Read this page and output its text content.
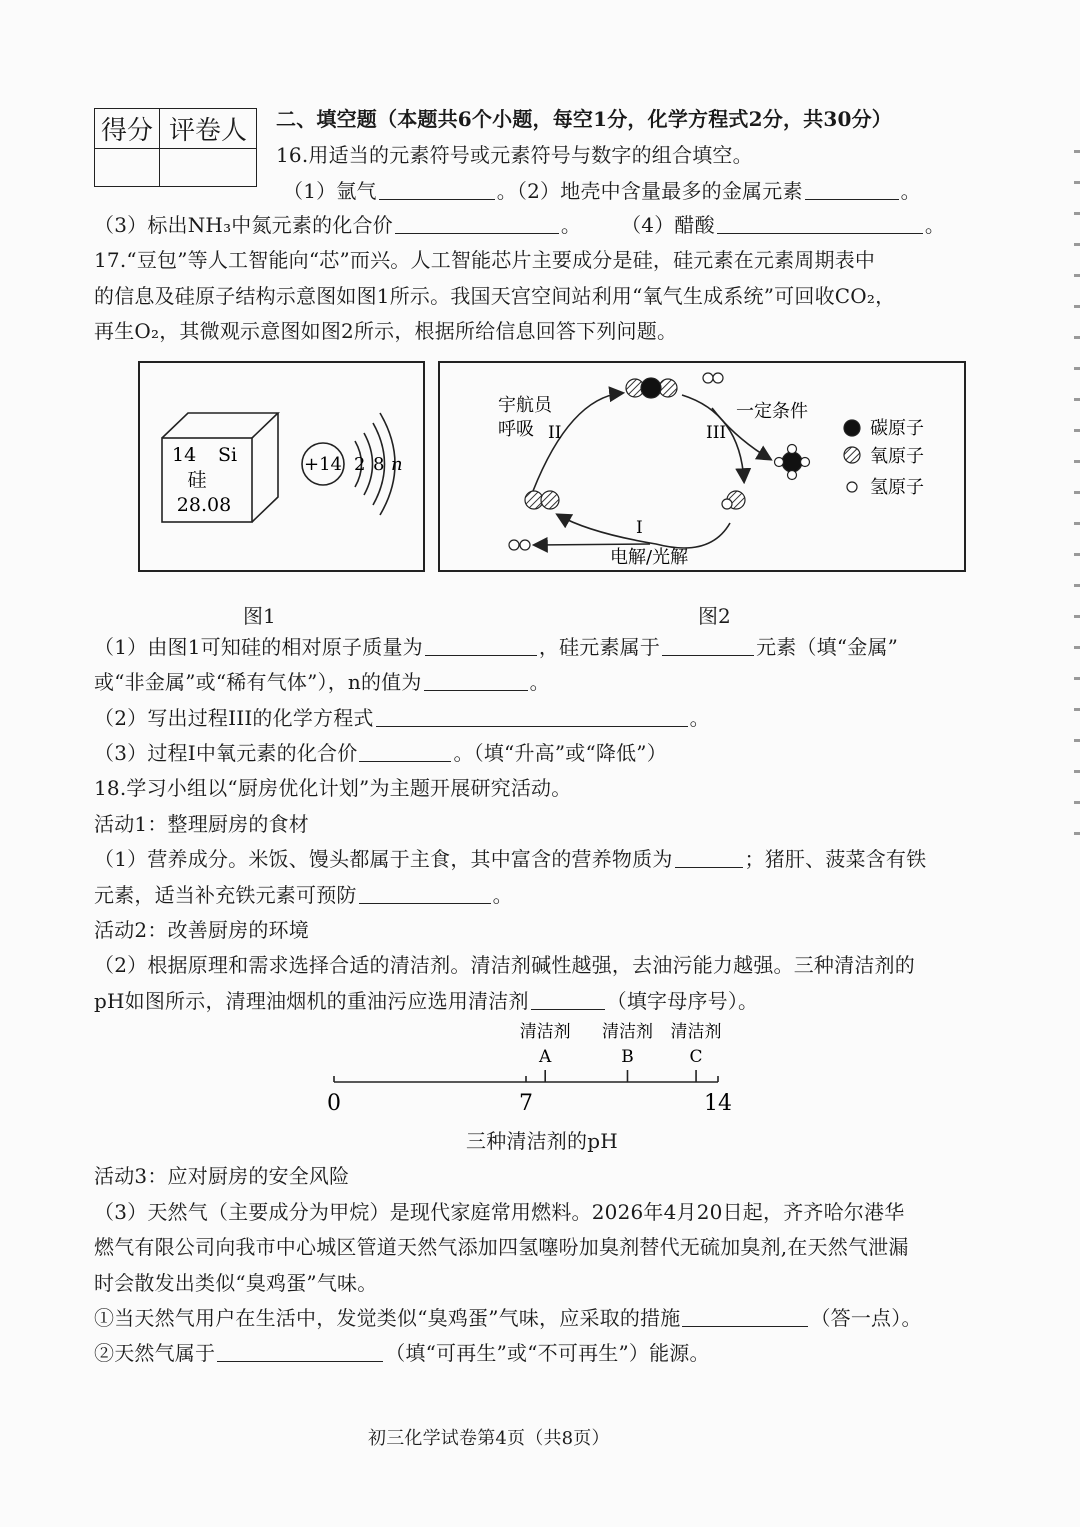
得分	评卷人
	二、填空题（本题共6个小题，每空1分，化学方程式2分，共30分）
16.用适当的元素符号或元素符号与数字的组合填空。
（1）氩气	。（2）地壳中含量最多的金属元素	。
（3）标出NH₃中氮元素的化合价	。 （4）醋酸	。
17.“豆包”等人工智能向“芯”而兴。人工智能芯片主要成分是硅，硅元素在元素周期表中
的信息及硅原子结构示意图如图1所示。我国天宫空间站利用“氧气生成系统”可回收CO₂，
再生O₂，其微观示意图如图2所示，根据所给信息回答下列问题。
14 Si
硅
28.08
+14 2 8 n
图1
宇航员
呼吸 II	III
I
一定条件
电解/光解
碳原子
氧原子
氢原子
图2
（1）由图1可知硅的相对原子质量为	，硅元素属于	元素（填“金属”
或“非金属”或“稀有气体”），n的值为	。
（2）写出过程III的化学方程式	。
（3）过程I中氧元素的化合价	。（填“升高”或“降低”）
18.学习小组以“厨房优化计划”为主题开展研究活动。
活动1：整理厨房的食材
（1）营养成分。米饭、馒头都属于主食，其中富含的营养物质为	；猪肝、菠菜含有铁
元素，适当补充铁元素可预防	。
活动2：改善厨房的环境
（2）根据原理和需求选择合适的清洁剂。清洁剂碱性越强，去油污能力越强。三种清洁剂的
pH如图所示，清理油烟机的重油污应选用清洁剂	（填字母序号）。
0	7	14
清洁剂
A
清洁剂
B
清洁剂
C
三种清洁剂的pH
活动3：应对厨房的安全风险
（3）天然气（主要成分为甲烷）是现代家庭常用燃料。2026年4月20日起，齐齐哈尔港华
燃气有限公司向我市中心城区管道天然气添加四氢噻吩加臭剂替代无硫加臭剂,在天然气泄漏
时会散发出类似“臭鸡蛋”气味。
①当天然气用户在生活中，发觉类似“臭鸡蛋”气味，应采取的措施	（答一点）。
②天然气属于	（填“可再生”或“不可再生”）能源。
初三化学试卷第4页（共8页）
